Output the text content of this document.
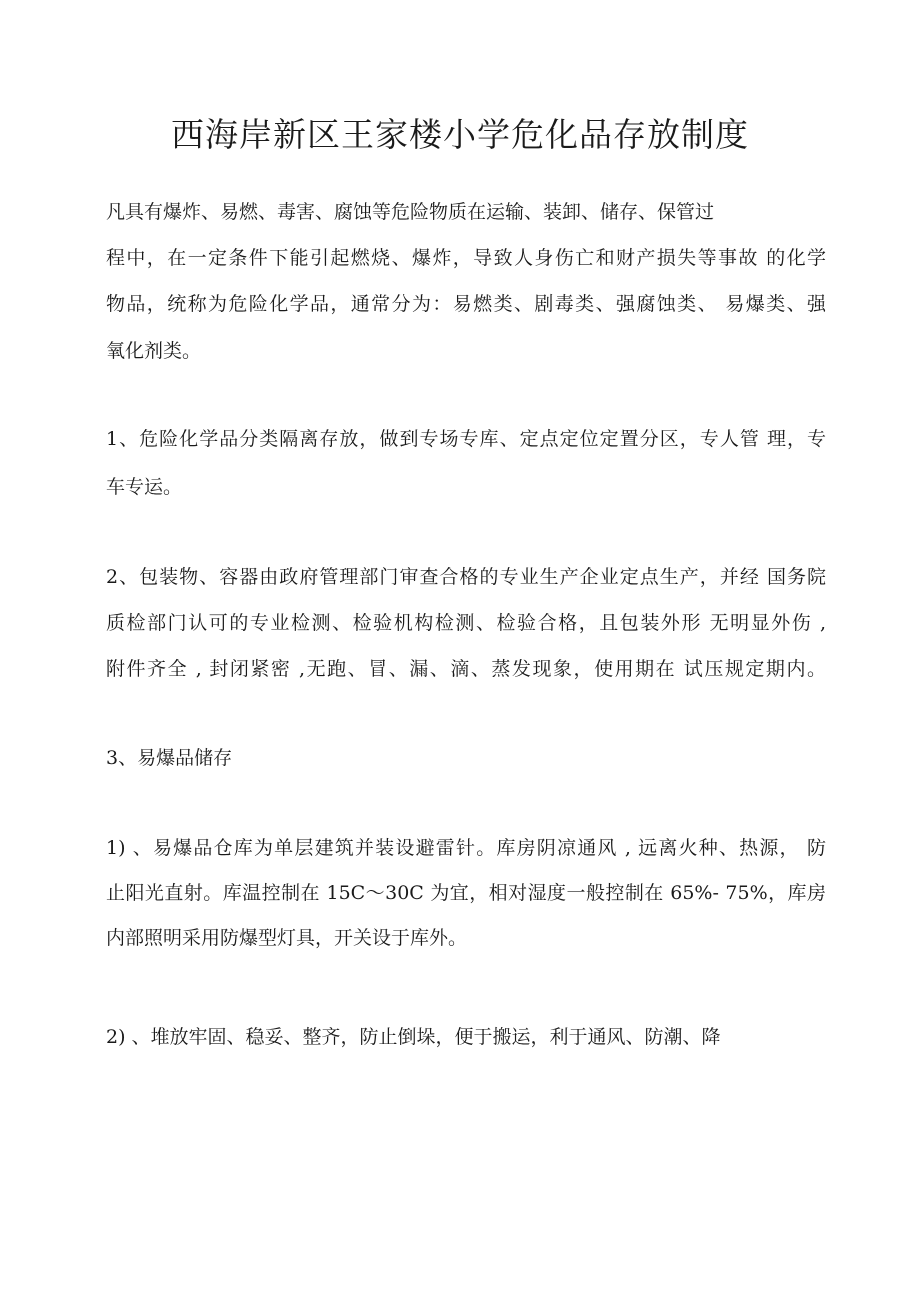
西海岸新区王家楼小学危化品存放制度

凡具有爆炸、易燃、毒害、腐蚀等危险物质在运输、装卸、储存、保管过

程中，在一定条件下能引起燃烧、爆炸，导致人身伤亡和财产损失等事故 的化学

物品，统称为危险化学品，通常分为：易燃类、剧毒类、强腐蚀类、 易爆类、强

氧化剂类。

1、危险化学品分类隔离存放，做到专场专库、定点定位定置分区，专人管 理，专

车专运。

2、包装物、容器由政府管理部门审查合格的专业生产企业定点生产，并经 国务院

质检部门认可的专业检测、检验机构检测、检验合格，且包装外形 无明显外伤 ,

附件齐全 , 封闭紧密 ,无跑、冒、漏、滴、蒸发现象，使用期在 试压规定期内。

3、易爆品储存

1) 、易爆品仓库为单层建筑并装设避雷针。库房阴凉通风 , 远离火种、热源， 防

止阳光直射。库温控制在 15C～30C 为宜，相对湿度一般控制在 65%- 75%，库房

内部照明采用防爆型灯具，开关设于库外。

2) 、堆放牢固、稳妥、整齐，防止倒垛，便于搬运，利于通风、防潮、降
